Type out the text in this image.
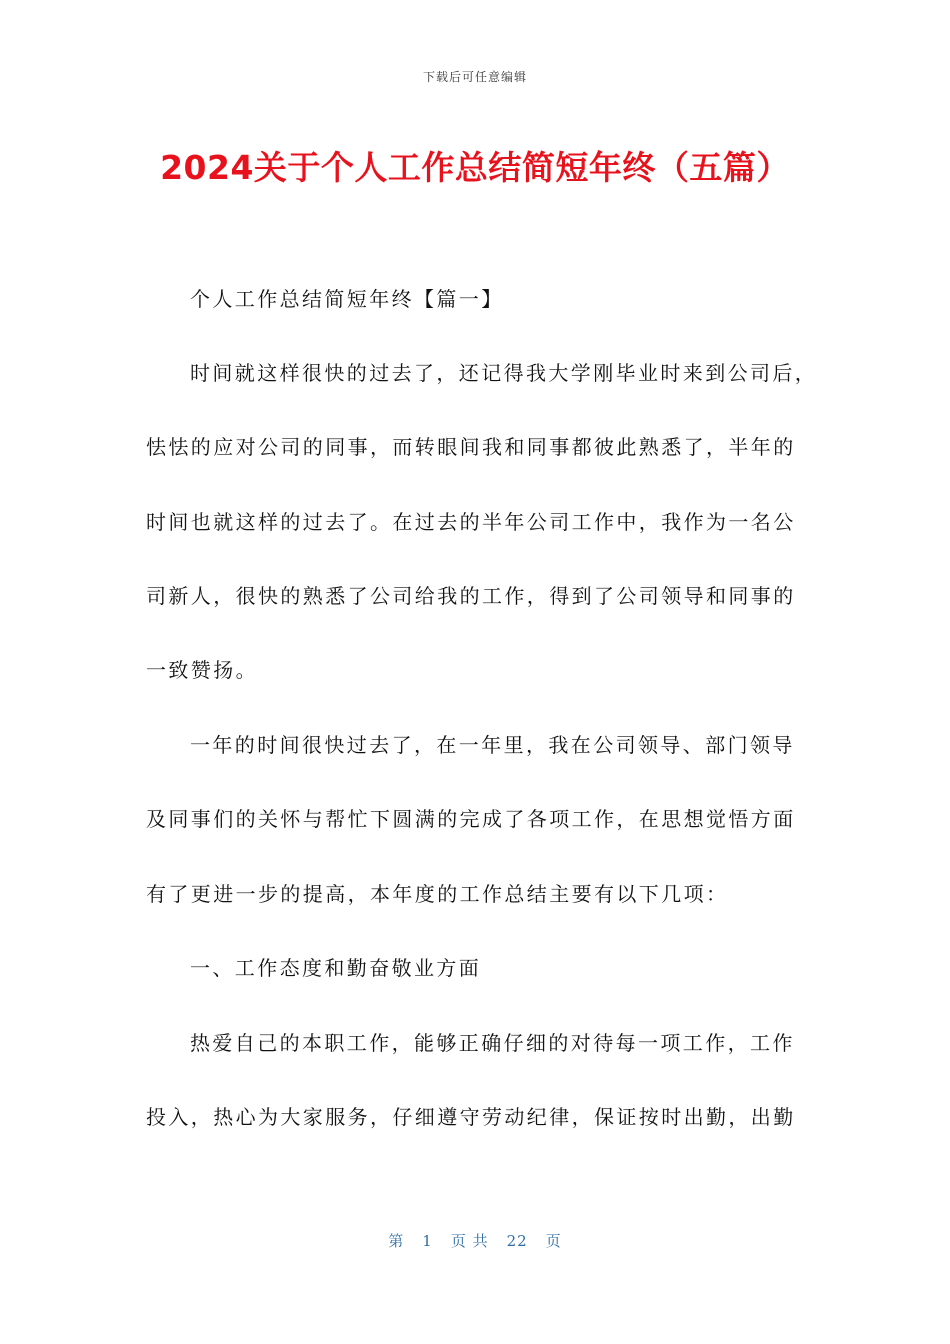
下载后可任意编辑
2024关于个人工作总结简短年终（五篇）
个人工作总结简短年终【篇一】
时间就这样很快的过去了，还记得我大学刚毕业时来到公司后，
怯怯的应对公司的同事，而转眼间我和同事都彼此熟悉了，半年的
时间也就这样的过去了。在过去的半年公司工作中，我作为一名公
司新人，很快的熟悉了公司给我的工作，得到了公司领导和同事的
一致赞扬。
一年的时间很快过去了，在一年里，我在公司领导、部门领导
及同事们的关怀与帮忙下圆满的完成了各项工作，在思想觉悟方面
有了更进一步的提高，本年度的工作总结主要有以下几项：
一、工作态度和勤奋敬业方面
热爱自己的本职工作，能够正确仔细的对待每一项工作，工作
投入，热心为大家服务，仔细遵守劳动纪律，保证按时出勤，出勤
第 1 页 共 22 页
